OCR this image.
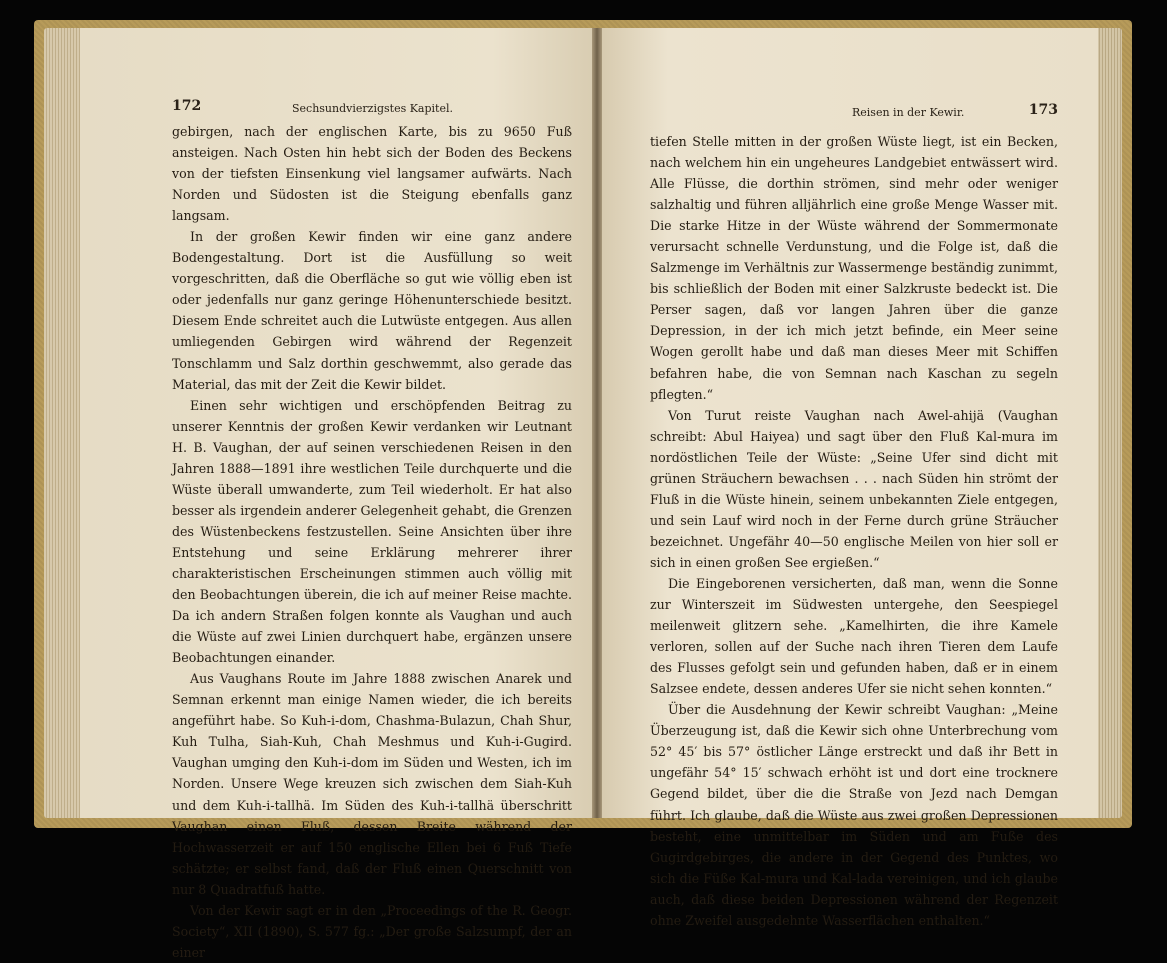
172	Sechsundvierzigstes Kapitel.

gebirgen, nach der englischen Karte, bis zu 9650 Fuß ansteigen. Nach Osten hin hebt sich der Boden des Beckens von der tiefsten Einsenkung viel langsamer aufwärts. Nach Norden und Südosten ist die Steigung ebenfalls ganz langsam.

In der großen Kewir finden wir eine ganz andere Bodengestaltung. Dort ist die Ausfüllung so weit vorgeschritten, daß die Oberfläche so gut wie völlig eben ist oder jedenfalls nur ganz geringe Höhenunterschiede besitzt. Diesem Ende schreitet auch die Lutwüste entgegen. Aus allen umliegenden Gebirgen wird während der Regenzeit Tonschlamm und Salz dorthin geschwemmt, also gerade das Material, das mit der Zeit die Kewir bildet.

Einen sehr wichtigen und erschöpfenden Beitrag zu unserer Kenntnis der großen Kewir verdanken wir Leutnant H. B. Vaughan, der auf seinen verschiedenen Reisen in den Jahren 1888—1891 ihre westlichen Teile durchquerte und die Wüste überall umwanderte, zum Teil wiederholt. Er hat also besser als irgendein anderer Gelegenheit gehabt, die Grenzen des Wüstenbeckens festzustellen. Seine Ansichten über ihre Entstehung und seine Erklärung mehrerer ihrer charakteristischen Erscheinungen stimmen auch völlig mit den Beobachtungen überein, die ich auf meiner Reise machte. Da ich andern Straßen folgen konnte als Vaughan und auch die Wüste auf zwei Linien durchquert habe, ergänzen unsere Beobachtungen einander.

Aus Vaughans Route im Jahre 1888 zwischen Anarek und Semnan erkennt man einige Namen wieder, die ich bereits angeführt habe. So Kuh-i-dom, Chashma-Bulazun, Chah Shur, Kuh Tulha, Siah-Kuh, Chah Meshmus und Kuh-i-Gugird. Vaughan umging den Kuh-i-dom im Süden und Westen, ich im Norden. Unsere Wege kreuzen sich zwischen dem Siah-Kuh und dem Kuh-i-tallhä. Im Süden des Kuh-i-tallhä überschritt Vaughan einen Fluß, dessen Breite während der Hochwasserzeit er auf 150 englische Ellen bei 6 Fuß Tiefe schätzte; er selbst fand, daß der Fluß einen Querschnitt von nur 8 Quadratfuß hatte.

Von der Kewir sagt er in den „Proceedings of the R. Geogr. Society“, XII (1890), S. 577 fg.: „Der große Salzsumpf, der an einer

Reisen in der Kewir.	173

tiefen Stelle mitten in der großen Wüste liegt, ist ein Becken, nach welchem hin ein ungeheures Landgebiet entwässert wird. Alle Flüsse, die dorthin strömen, sind mehr oder weniger salzhaltig und führen alljährlich eine große Menge Wasser mit. Die starke Hitze in der Wüste während der Sommermonate verursacht schnelle Verdunstung, und die Folge ist, daß die Salzmenge im Verhältnis zur Wassermenge beständig zunimmt, bis schließlich der Boden mit einer Salzkruste bedeckt ist. Die Perser sagen, daß vor langen Jahren über die ganze Depression, in der ich mich jetzt befinde, ein Meer seine Wogen gerollt habe und daß man dieses Meer mit Schiffen befahren habe, die von Semnan nach Kaschan zu segeln pflegten.“

Von Turut reiste Vaughan nach Awel-ahijä (Vaughan schreibt: Abul Haiyea) und sagt über den Fluß Kal-mura im nordöstlichen Teile der Wüste: „Seine Ufer sind dicht mit grünen Sträuchern bewachsen . . . nach Süden hin strömt der Fluß in die Wüste hinein, seinem unbekannten Ziele entgegen, und sein Lauf wird noch in der Ferne durch grüne Sträucher bezeichnet. Ungefähr 40—50 englische Meilen von hier soll er sich in einen großen See ergießen.“

Die Eingeborenen versicherten, daß man, wenn die Sonne zur Winterszeit im Südwesten untergehe, den Seespiegel meilenweit glitzern sehe. „Kamelhirten, die ihre Kamele verloren, sollen auf der Suche nach ihren Tieren dem Laufe des Flusses gefolgt sein und gefunden haben, daß er in einem Salzsee endete, dessen anderes Ufer sie nicht sehen konnten.“

Über die Ausdehnung der Kewir schreibt Vaughan: „Meine Überzeugung ist, daß die Kewir sich ohne Unterbrechung vom 52° 45′ bis 57° östlicher Länge erstreckt und daß ihr Bett in ungefähr 54° 15′ schwach erhöht ist und dort eine trocknere Gegend bildet, über die die Straße von Jezd nach Demgan führt. Ich glaube, daß die Wüste aus zwei großen Depressionen besteht, eine unmittelbar im Süden und am Fuße des Gugirdgebirges, die andere in der Gegend des Punktes, wo sich die Füße Kal-mura und Kal-lada vereinigen, und ich glaube auch, daß diese beiden Depressionen während der Regenzeit ohne Zweifel ausgedehnte Wasserflächen enthalten.“
